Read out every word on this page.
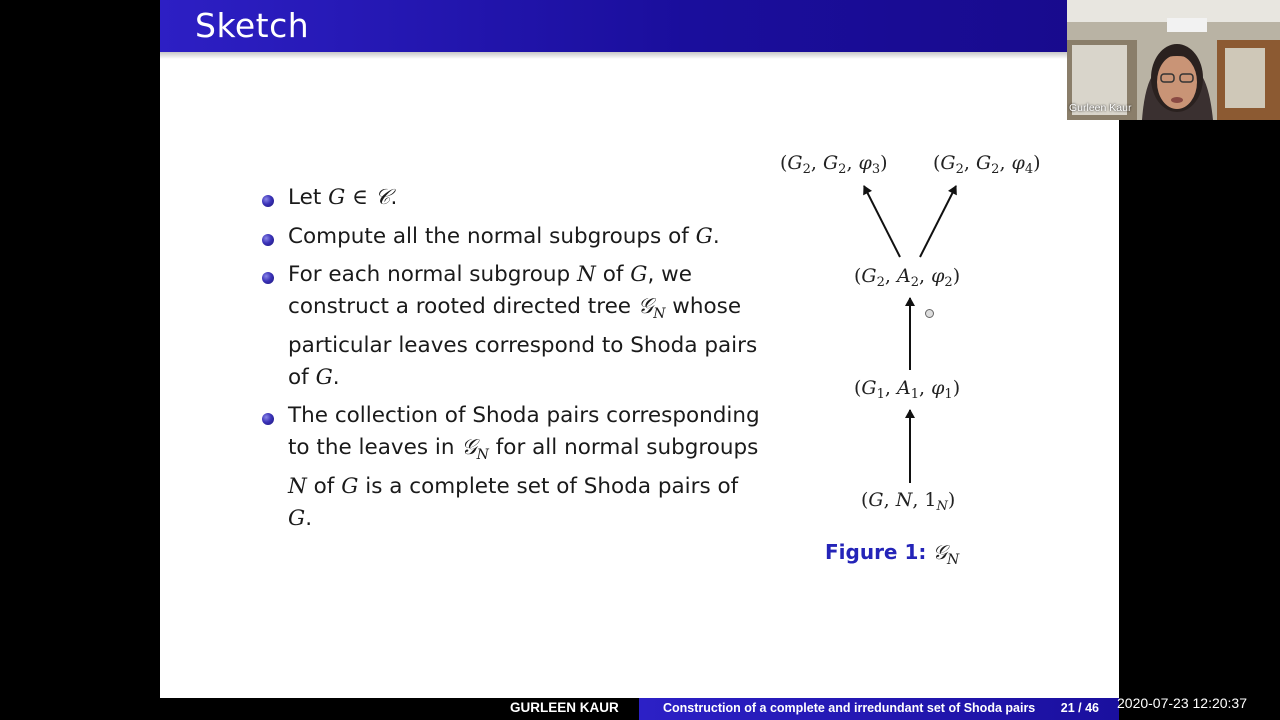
Sketch
Let G ∈ 𝒞.
Compute all the normal subgroups of G.
For each normal subgroup N of G, we construct a rooted directed tree 𝒢$_N$ whose particular leaves correspond to Shoda pairs of G.
The collection of Shoda pairs corresponding to the leaves in 𝒢$_N$ for all normal subgroups N of G is a complete set of Shoda pairs of G.
($G_2$, $G_2$, $\varphi_3$) ($G_2$, $G_2$, $\varphi_4$)
($G_2$, $A_2$, $\varphi_2$)
($G_1$, $A_1$, $\varphi_1$)
(G, N, $1_N$)
Figure 1: 𝒢$_N$
GURLEEN KAUR	Construction of a complete and irredundant set of Shoda pairs 21 / 46 2020-07-23 12:20:37
Gurleen Kaur
